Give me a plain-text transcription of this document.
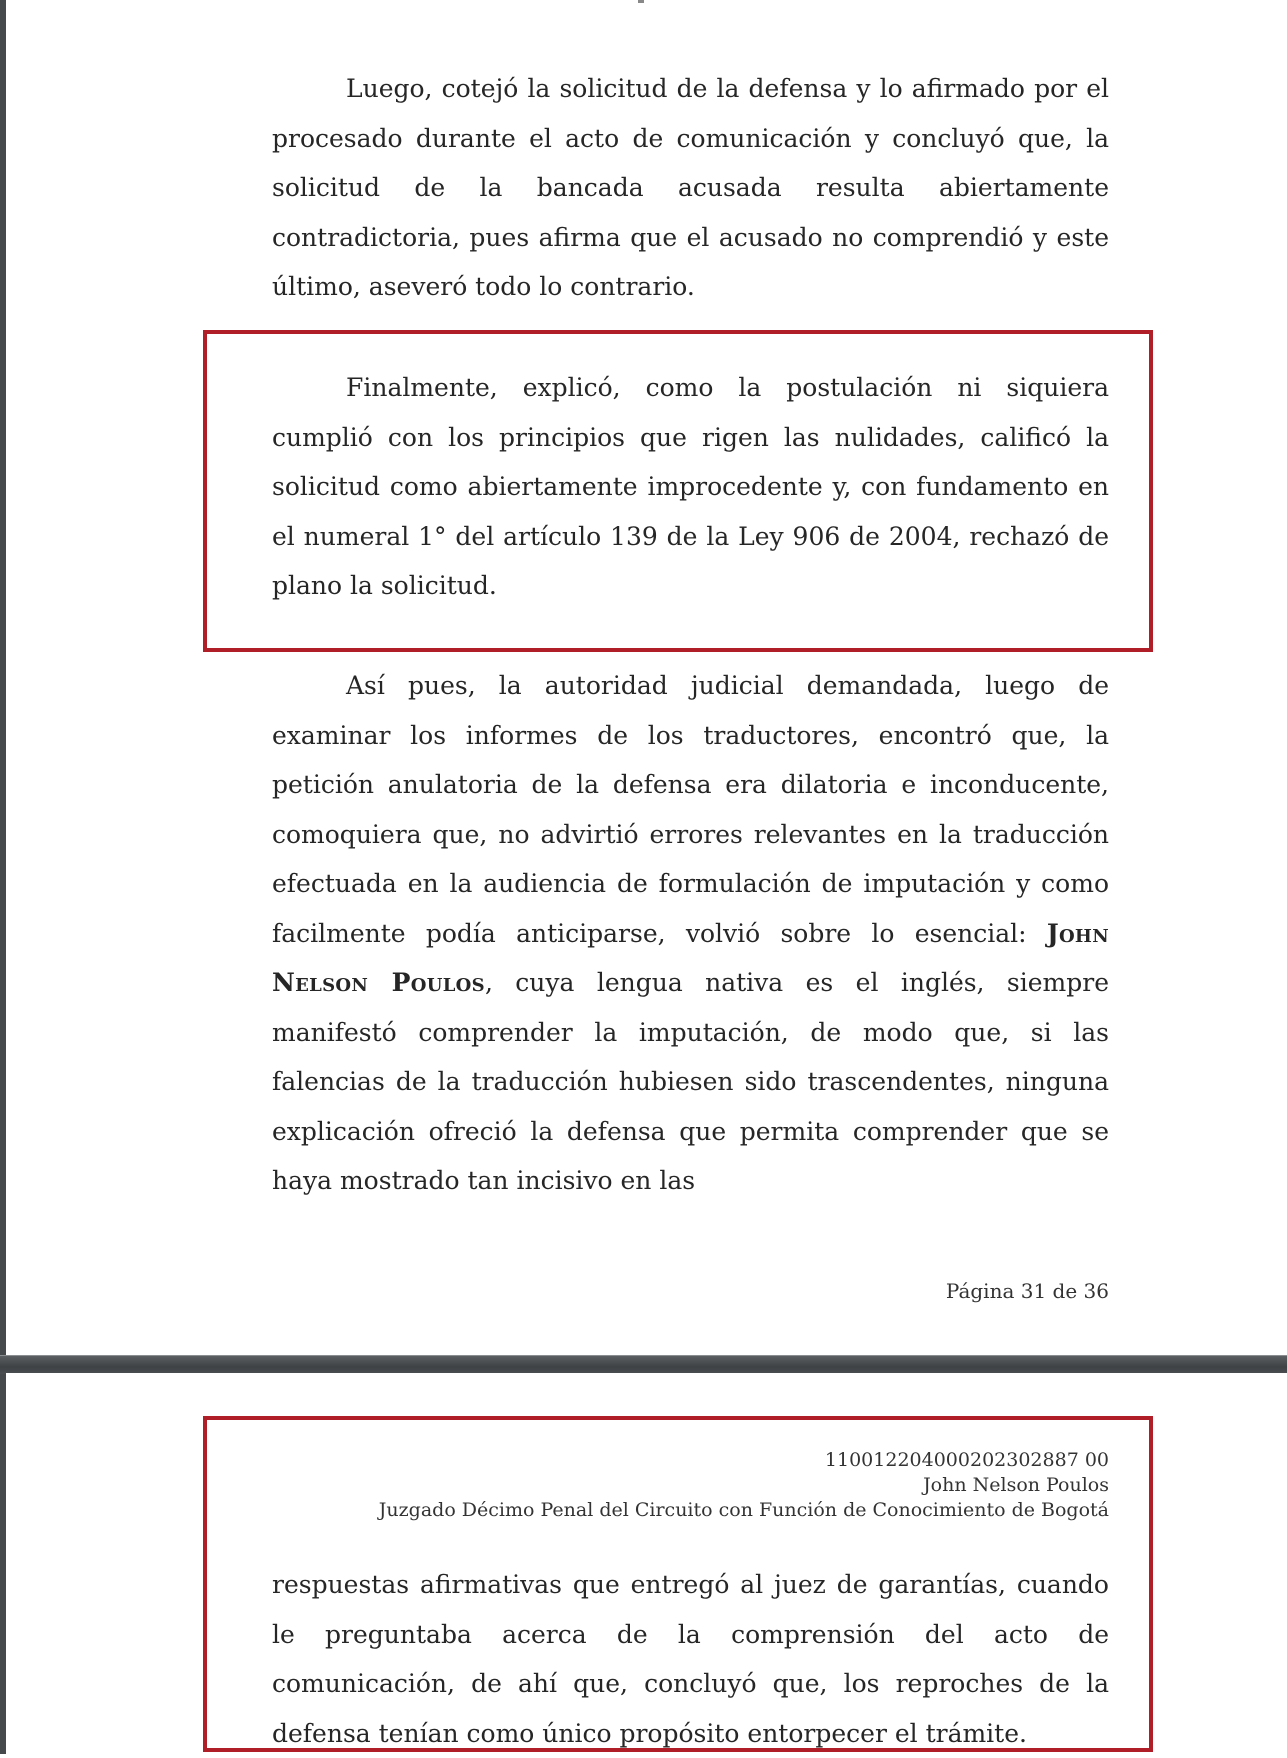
Luego, cotejó la solicitud de la defensa y lo afirmado por el procesado durante el acto de comunicación y concluyó que, la solicitud de la bancada acusada resulta abiertamente contradictoria, pues afirma que el acusado no comprendió y este último, aseveró todo lo contrario.

Finalmente, explicó, como la postulación ni siquiera cumplió con los principios que rigen las nulidades, calificó la solicitud como abiertamente improcedente y, con fundamento en el numeral 1° del artículo 139 de la Ley 906 de 2004, rechazó de plano la solicitud.

Así pues, la autoridad judicial demandada, luego de examinar los informes de los traductores, encontró que, la petición anulatoria de la defensa era dilatoria e inconducente, comoquiera que, no advirtió errores relevantes en la traducción efectuada en la audiencia de formulación de imputación y como facilmente podía anticiparse, volvió sobre lo esencial: John Nelson Poulos, cuya lengua nativa es el inglés, siempre manifestó comprender la imputación, de modo que, si las falencias de la traducción hubiesen sido trascendentes, ninguna explicación ofreció la defensa que permita comprender que se haya mostrado tan incisivo en las

Página 31 de 36
110012204000202302887 00
John Nelson Poulos
Juzgado Décimo Penal del Circuito con Función de Conocimiento de Bogotá

respuestas afirmativas que entregó al juez de garantías, cuando le preguntaba acerca de la comprensión del acto de comunicación, de ahí que, concluyó que, los reproches de la defensa tenían como único propósito entorpecer el trámite.
